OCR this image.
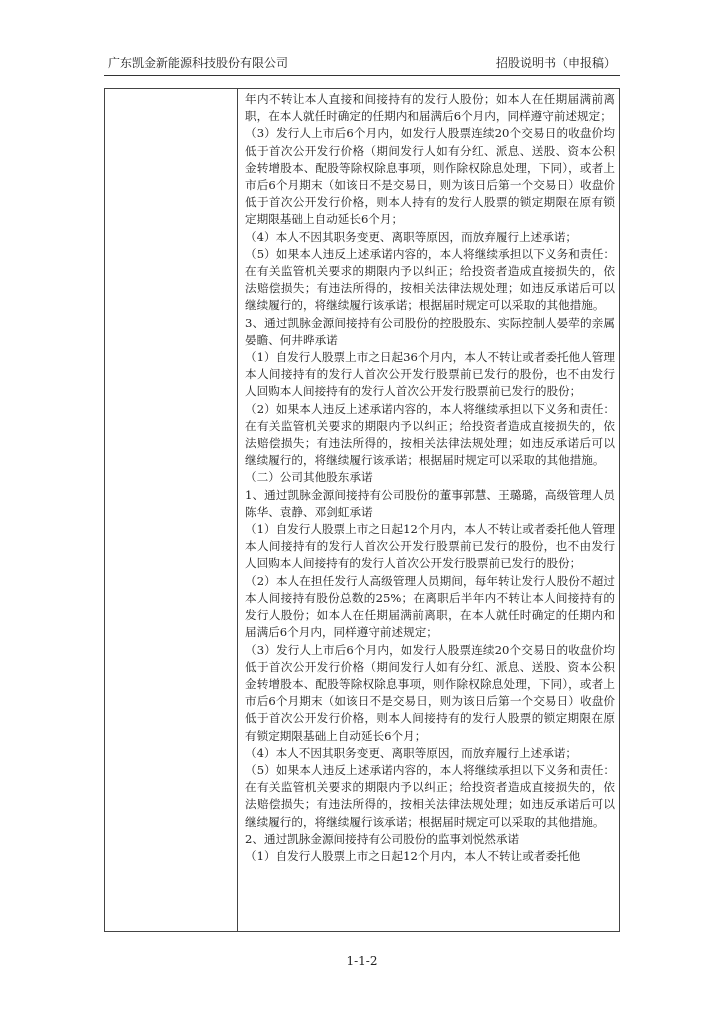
广东凯金新能源科技股份有限公司	招股说明书（申报稿）

年内不转让本人直接和间接持有的发行人股份；如本人在任期届满前离职，在本人就任时确定的任期内和届满后6个月内，同样遵守前述规定；

（3）发行人上市后6个月内，如发行人股票连续20个交易日的收盘价均低于首次公开发行价格（期间发行人如有分红、派息、送股、资本公积金转增股本、配股等除权除息事项，则作除权除息处理，下同），或者上市后6个月期末（如该日不是交易日，则为该日后第一个交易日）收盘价低于首次公开发行价格，则本人持有的发行人股票的锁定期限在原有锁定期限基础上自动延长6个月；

（4）本人不因其职务变更、离职等原因，而放弃履行上述承诺；

（5）如果本人违反上述承诺内容的，本人将继续承担以下义务和责任：在有关监管机关要求的期限内予以纠正；给投资者造成直接损失的，依法赔偿损失；有违法所得的，按相关法律法规处理；如违反承诺后可以继续履行的，将继续履行该承诺；根据届时规定可以采取的其他措施。

3、通过凯脉金源间接持有公司股份的控股股东、实际控制人晏荦的亲属晏瞻、何井晔承诺

（1）自发行人股票上市之日起36个月内，本人不转让或者委托他人管理本人间接持有的发行人首次公开发行股票前已发行的股份，也不由发行人回购本人间接持有的发行人首次公开发行股票前已发行的股份；

（2）如果本人违反上述承诺内容的，本人将继续承担以下义务和责任：在有关监管机关要求的期限内予以纠正；给投资者造成直接损失的，依法赔偿损失；有违法所得的，按相关法律法规处理；如违反承诺后可以继续履行的，将继续履行该承诺；根据届时规定可以采取的其他措施。

（二）公司其他股东承诺

1、通过凯脉金源间接持有公司股份的董事郭慧、王璐璐，高级管理人员陈华、袁静、邓剑虹承诺

（1）自发行人股票上市之日起12个月内，本人不转让或者委托他人管理本人间接持有的发行人首次公开发行股票前已发行的股份，也不由发行人回购本人间接持有的发行人首次公开发行股票前已发行的股份；

（2）本人在担任发行人高级管理人员期间，每年转让发行人股份不超过本人间接持有股份总数的25%；在离职后半年内不转让本人间接持有的发行人股份；如本人在任期届满前离职，在本人就任时确定的任期内和届满后6个月内，同样遵守前述规定；

（3）发行人上市后6个月内，如发行人股票连续20个交易日的收盘价均低于首次公开发行价格（期间发行人如有分红、派息、送股、资本公积金转增股本、配股等除权除息事项，则作除权除息处理，下同），或者上市后6个月期末（如该日不是交易日，则为该日后第一个交易日）收盘价低于首次公开发行价格，则本人间接持有的发行人股票的锁定期限在原有锁定期限基础上自动延长6个月；

（4）本人不因其职务变更、离职等原因，而放弃履行上述承诺；

（5）如果本人违反上述承诺内容的，本人将继续承担以下义务和责任：在有关监管机关要求的期限内予以纠正；给投资者造成直接损失的，依法赔偿损失；有违法所得的，按相关法律法规处理；如违反承诺后可以继续履行的，将继续履行该承诺；根据届时规定可以采取的其他措施。

2、通过凯脉金源间接持有公司股份的监事刘悦然承诺

（1）自发行人股票上市之日起12个月内，本人不转让或者委托他

1-1-2
